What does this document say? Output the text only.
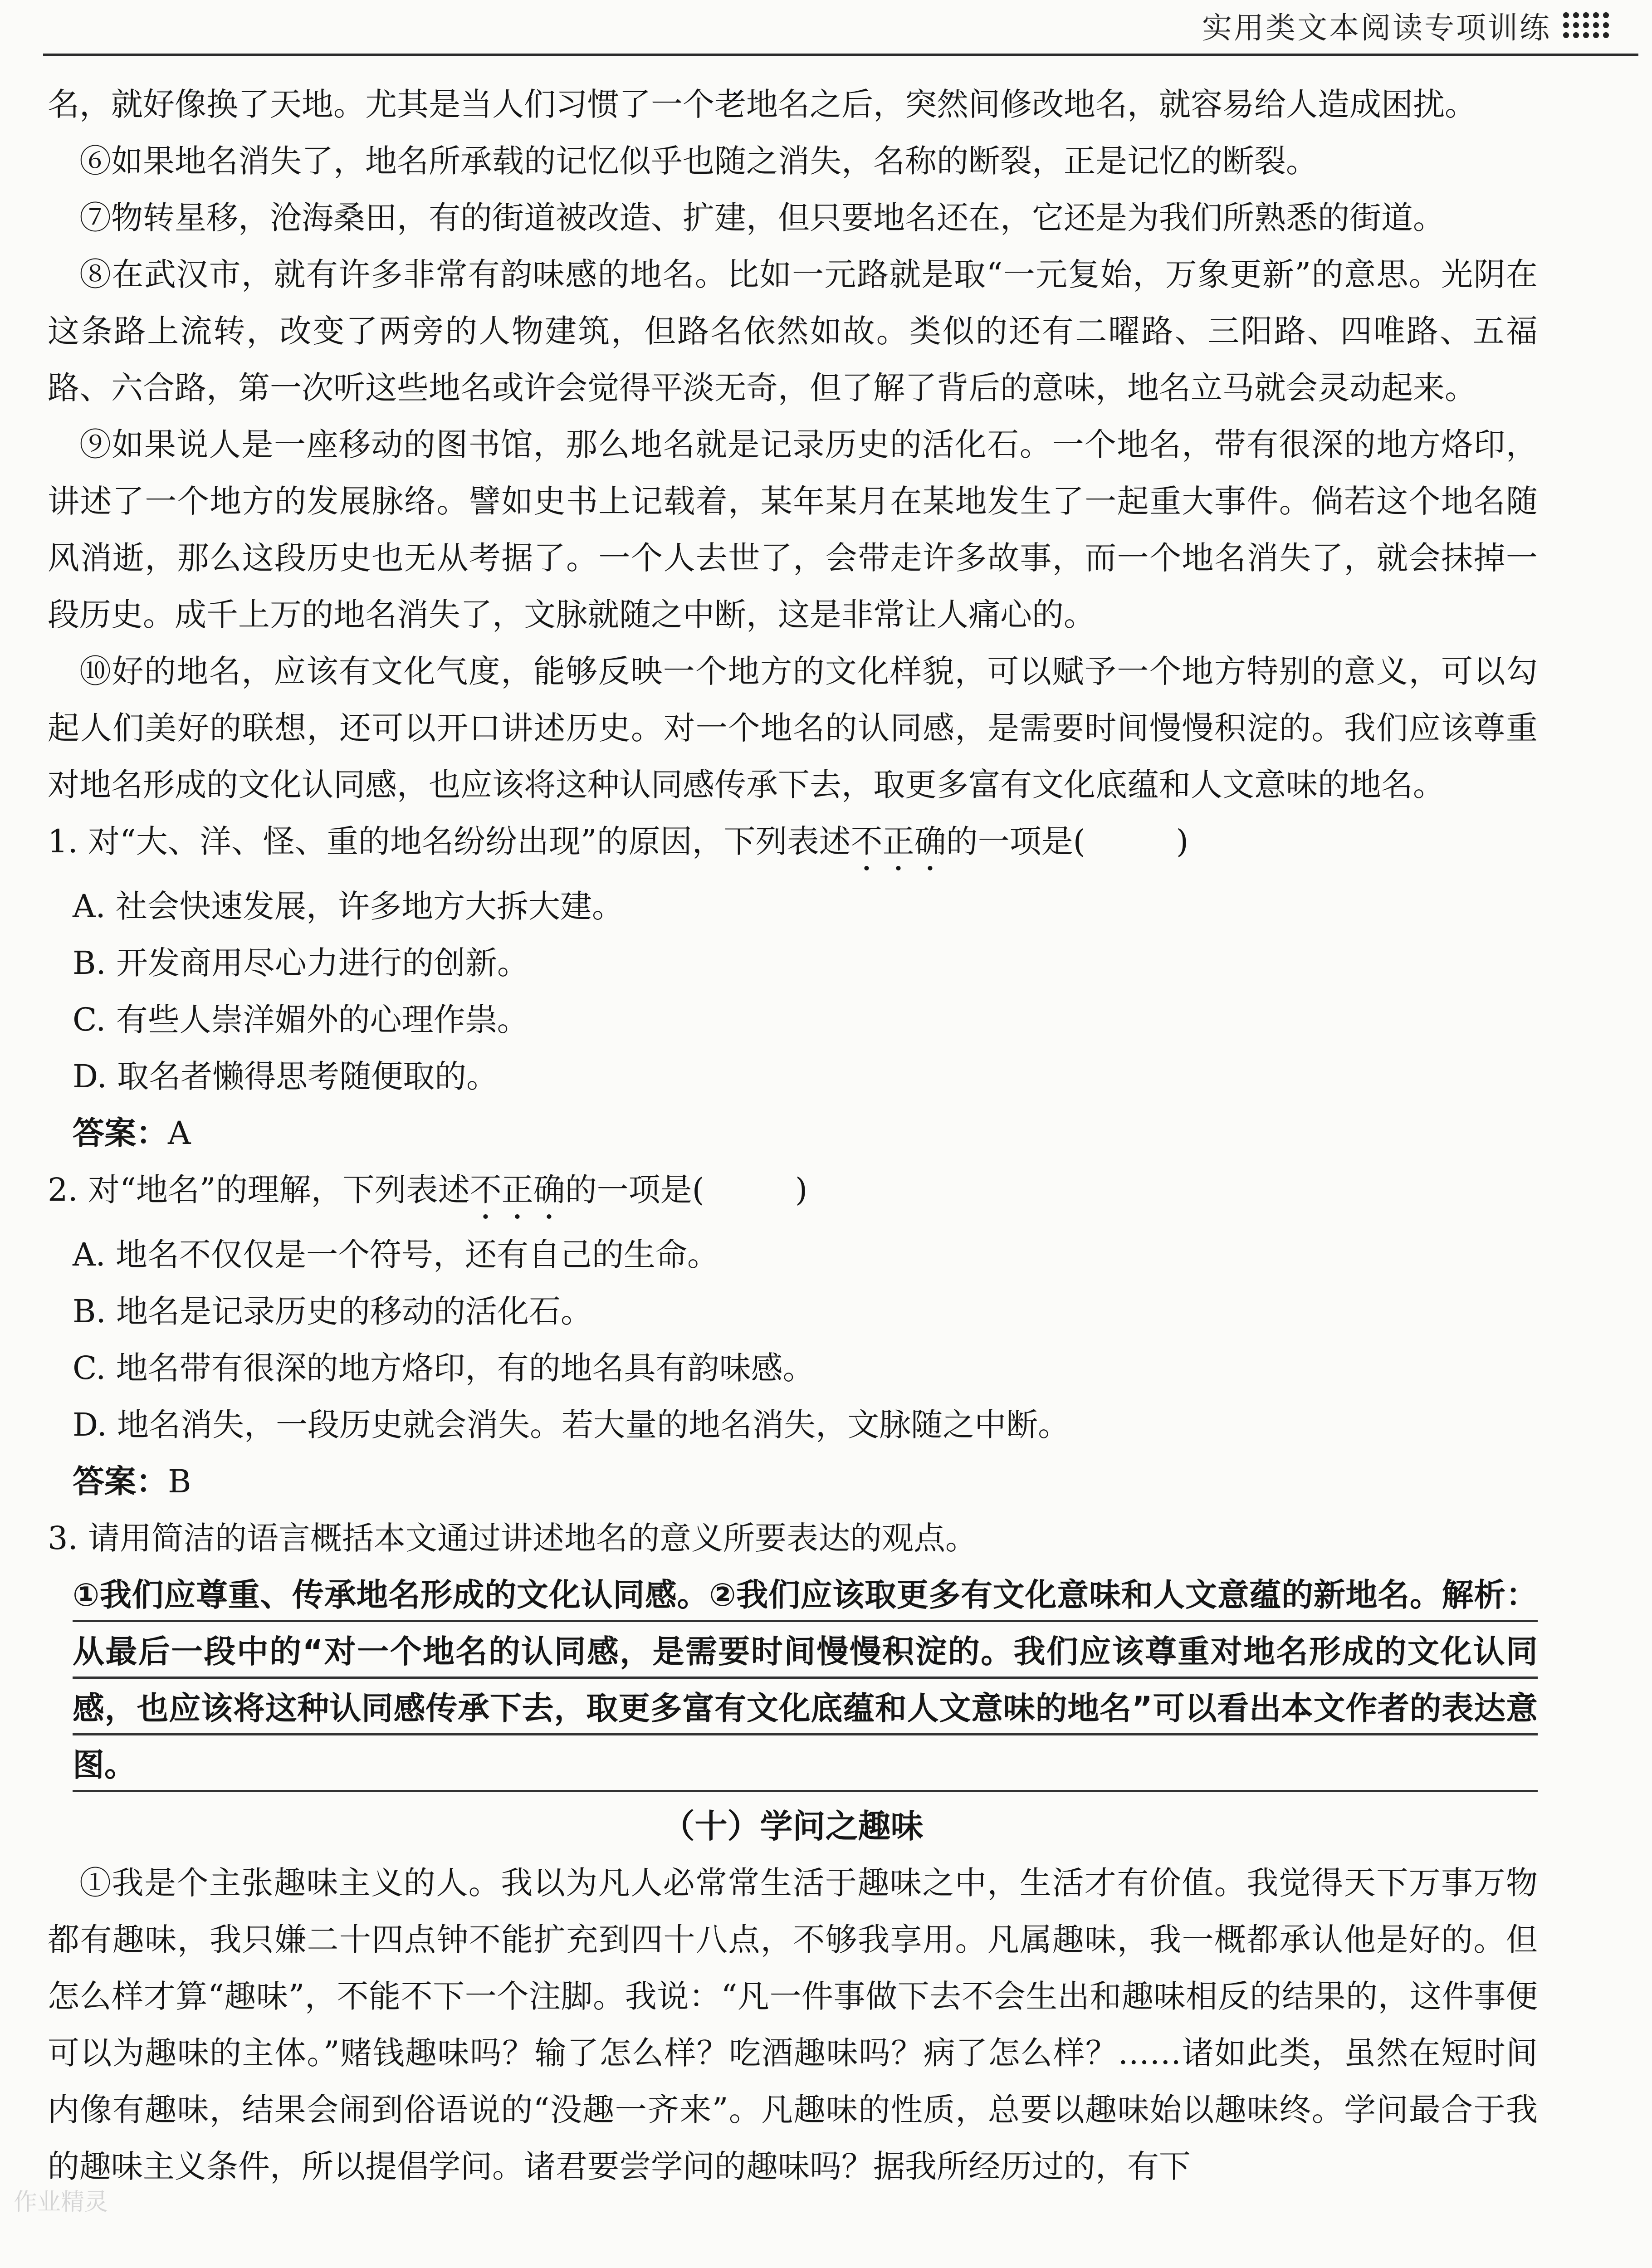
实用类文本阅读专项训练

名，就好像换了天地。尤其是当人们习惯了一个老地名之后，突然间修改地名，就容易给人造成困扰。

⑥如果地名消失了，地名所承载的记忆似乎也随之消失，名称的断裂，正是记忆的断裂。

⑦物转星移，沧海桑田，有的街道被改造、扩建，但只要地名还在，它还是为我们所熟悉的街道。

⑧在武汉市，就有许多非常有韵味感的地名。比如一元路就是取“一元复始，万象更新”的意思。光阴在这条路上流转，改变了两旁的人物建筑，但路名依然如故。类似的还有二曜路、三阳路、四唯路、五福路、六合路，第一次听这些地名或许会觉得平淡无奇，但了解了背后的意味，地名立马就会灵动起来。

⑨如果说人是一座移动的图书馆，那么地名就是记录历史的活化石。一个地名，带有很深的地方烙印，讲述了一个地方的发展脉络。譬如史书上记载着，某年某月在某地发生了一起重大事件。倘若这个地名随风消逝，那么这段历史也无从考据了。一个人去世了，会带走许多故事，而一个地名消失了，就会抹掉一段历史。成千上万的地名消失了，文脉就随之中断，这是非常让人痛心的。

⑩好的地名，应该有文化气度，能够反映一个地方的文化样貌，可以赋予一个地方特别的意义，可以勾起人们美好的联想，还可以开口讲述历史。对一个地名的认同感，是需要时间慢慢积淀的。我们应该尊重对地名形成的文化认同感，也应该将这种认同感传承下去，取更多富有文化底蕴和人文意味的地名。

1. 对“大、洋、怪、重的地名纷纷出现”的原因，下列表述不正确的一项是(	)

A. 社会快速发展，许多地方大拆大建。

B. 开发商用尽心力进行的创新。

C. 有些人崇洋媚外的心理作祟。

D. 取名者懒得思考随便取的。

答案：A

2. 对“地名”的理解，下列表述不正确的一项是(	)

A. 地名不仅仅是一个符号，还有自己的生命。

B. 地名是记录历史的移动的活化石。

C. 地名带有很深的地方烙印，有的地名具有韵味感。

D. 地名消失，一段历史就会消失。若大量的地名消失，文脉随之中断。

答案：B

3. 请用简洁的语言概括本文通过讲述地名的意义所要表达的观点。

①我们应尊重、传承地名形成的文化认同感。②我们应该取更多有文化意味和人文意蕴的新地名。解析：从最后一段中的“对一个地名的认同感，是需要时间慢慢积淀的。我们应该尊重对地名形成的文化认同感，也应该将这种认同感传承下去，取更多富有文化底蕴和人文意味的地名”可以看出本文作者的表达意图。

（十）学问之趣味

①我是个主张趣味主义的人。我以为凡人必常常生活于趣味之中，生活才有价值。我觉得天下万事万物都有趣味，我只嫌二十四点钟不能扩充到四十八点，不够我享用。凡属趣味，我一概都承认他是好的。但怎么样才算“趣味”，不能不下一个注脚。我说：“凡一件事做下去不会生出和趣味相反的结果的，这件事便可以为趣味的主体。”赌钱趣味吗？输了怎么样？吃酒趣味吗？病了怎么样？……诸如此类，虽然在短时间内像有趣味，结果会闹到俗语说的“没趣一齐来”。凡趣味的性质，总要以趣味始以趣味终。学问最合于我的趣味主义条件，所以提倡学问。诸君要尝学问的趣味吗？据我所经历过的，有下

作业精灵
